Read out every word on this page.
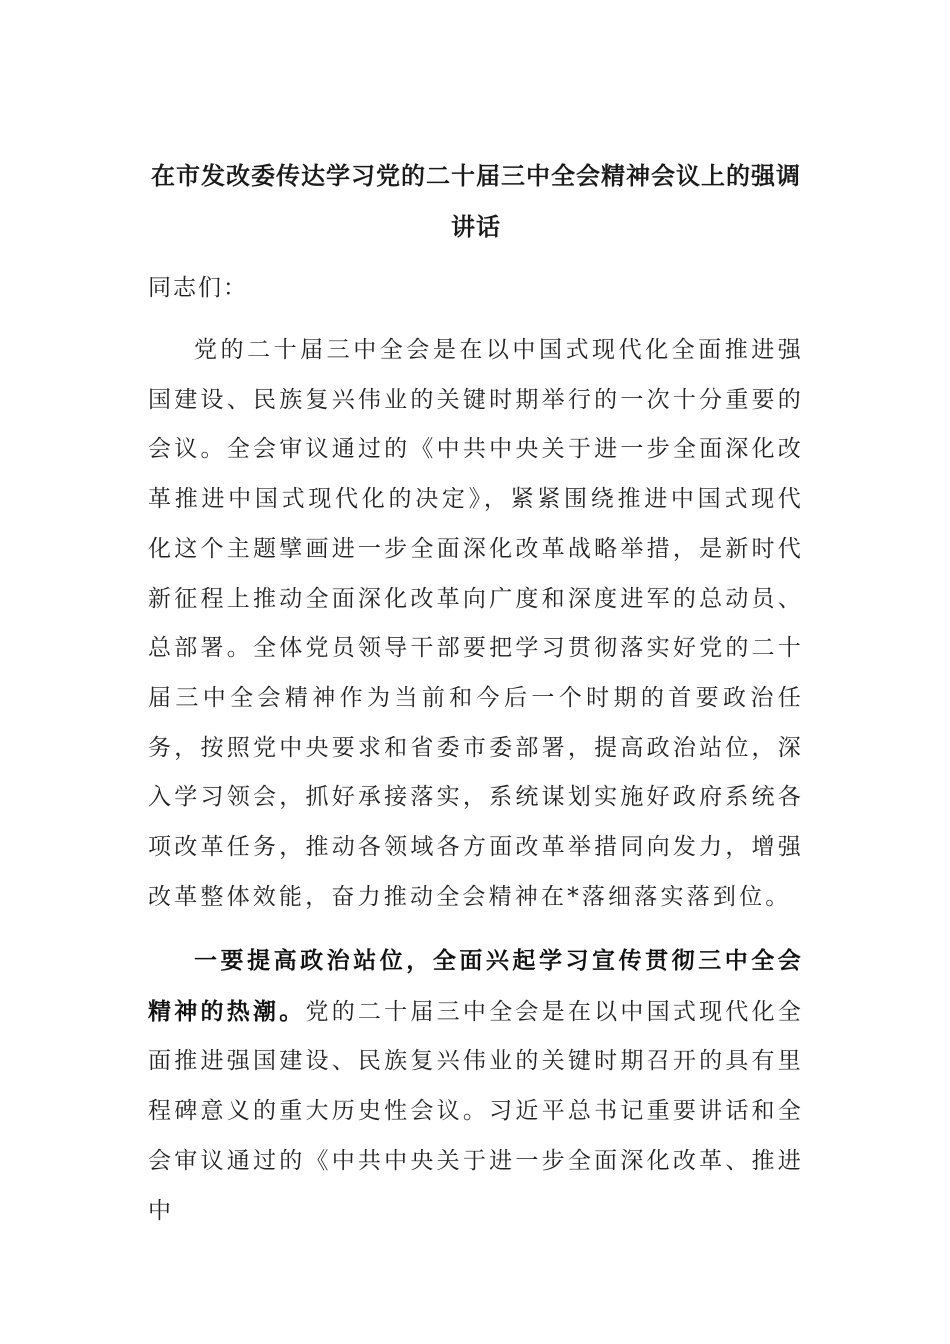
在市发改委传达学习党的二十届三中全会精神会议上的强调讲话
同志们：

党的二十届三中全会是在以中国式现代化全面推进强国建设、民族复兴伟业的关键时期举行的一次十分重要的会议。全会审议通过的《中共中央关于进一步全面深化改革推进中国式现代化的决定》，紧紧围绕推进中国式现代化这个主题擘画进一步全面深化改革战略举措，是新时代新征程上推动全面深化改革向广度和深度进军的总动员、总部署。全体党员领导干部要把学习贯彻落实好党的二十届三中全会精神作为当前和今后一个时期的首要政治任务，按照党中央要求和省委市委部署，提高政治站位，深入学习领会，抓好承接落实，系统谋划实施好政府系统各项改革任务，推动各领域各方面改革举措同向发力，增强改革整体效能，奋力推动全会精神在*落细落实落到位。

一要提高政治站位，全面兴起学习宣传贯彻三中全会精神的热潮。党的二十届三中全会是在以中国式现代化全面推进强国建设、民族复兴伟业的关键时期召开的具有里程碑意义的重大历史性会议。习近平总书记重要讲话和全会审议通过的《中共中央关于进一步全面深化改革、推进中
